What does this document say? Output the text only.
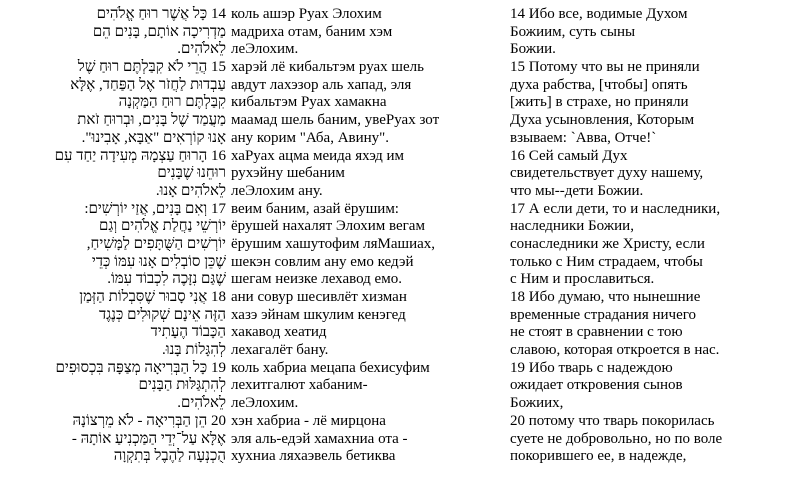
14 כָּל אֲשֶׁר רוּחַ אֱלֹהִים
מַדְרִיכָה אוֹתָם, בָּנִים הֵם
לֵאלֹהִים.
15 הֲרֵי לֹא קִבַּלְתֶּם רוּחַ שֶׁל
עַבְדוּת לַחֲזֹר אֶל הַפַּחַד, אֶלָּא
קִבַּלְתֶּם רוּחַ הַמַּקְנָה
מַעֲמַד שֶׁל בָּנִים, וּבְרוּחַ זֹאת
אָנוּ קוֹרְאִים "אַבָּא, אָבִינוּ".
16 הָרוּחַ עַצְמָהּ מְעִידָה יַחַד עִם
רוּחֵנוּ שֶׁבָּנִים
לֵאלֹהִים אָנוּ.
17 וְאִם בָּנִים, אֲזַי יוֹרְשִׁים:
יוֹרְשֵׁי נַחֲלַת אֱלֹהִים וְגַם
יוֹרְשִׁים הַשֻּׁתָּפִים לַמָּשִׁיחַ,
שֶׁכֵּן סוֹבְלִים אָנוּ עִמּוֹ כְּדֵי
שֶׁגַּם נִזָּכֶה לִכְבוֹד עִמּוֹ.
18 אֲנִי סָבוּר שֶׁסִּבְלוֹת הַזְּמַן
הַזֶּה אֵינָם שְׁקוּלִים כְּנֶגֶד
הַכָּבוֹד הֶעָתִיד
לְהִגָּלוֹת בָּנוּ.
19 כָּל הַבְּרִיאָה מְצַפָּה בִּכְסוּפִים
לְהִתְגַּלּוּת הַבָּנִים
לֵאלֹהִים.
20 הֵן הַבְּרִיאָה - לֹא מֵרְצוֹנָהּ
אֶלָּא עַל־יְדֵי הַמַּכְנִיעַ אוֹתָהּ -
הֻכְנְעָה לַהֶבֶל בְּתִקְוָה
коль ашэр Руах Элохим
мадриха отам, баним хэм
леЭлохим.
харэй лё кибальтэм руах шель
авдут лахэзор аль хапад, эля
кибальтэм Руах хамакна
маамад шель баним, увеРуах зот
ану корим "Аба, Авину".
хаРуах ацма меида яхэд им
рухэйну шебаним
леЭлохим ану.
веим баним, азай ёрушим:
ёрушей нахалят Элохим вегам
ёрушим хашутофим ляМашиах,
шекэн совлим ану емо кедэй
шегам неизке лехавод емо.
ани совур шесивлёт хизман
хазэ эйнам шкулим кенэгед
хакавод хеатид
лехагалёт бану.
коль хабриа мецапа бехисуфим
лехитгалют хабаним-
леЭлохим.
хэн хабриа - лё мирцона
эля аль-едэй хамахниа ота -
хухниа ляхаэвель бетиква
14 Ибо все, водимые Духом
Божиим, суть сыны
Божии.
15 Потому что вы не приняли
духа рабства, [чтобы] опять
[жить] в страхе, но приняли
Духа усыновления, Которым
взываем: `Авва, Отче!`
16 Сей самый Дух
свидетельствует духу нашему,
что мы--дети Божии.
17 А если дети, то и наследники,
наследники Божии,
сонаследники же Христу, если
только с Ним страдаем, чтобы
с Ним и прославиться.
18 Ибо думаю, что нынешние
временные страдания ничего
не стоят в сравнении с тою
славою, которая откроется в нас.
19 Ибо тварь с надеждою
ожидает откровения сынов
Божиих,
20 потому что тварь покорилась
суете не добровольно, но по воле
покорившего ее, в надежде,
